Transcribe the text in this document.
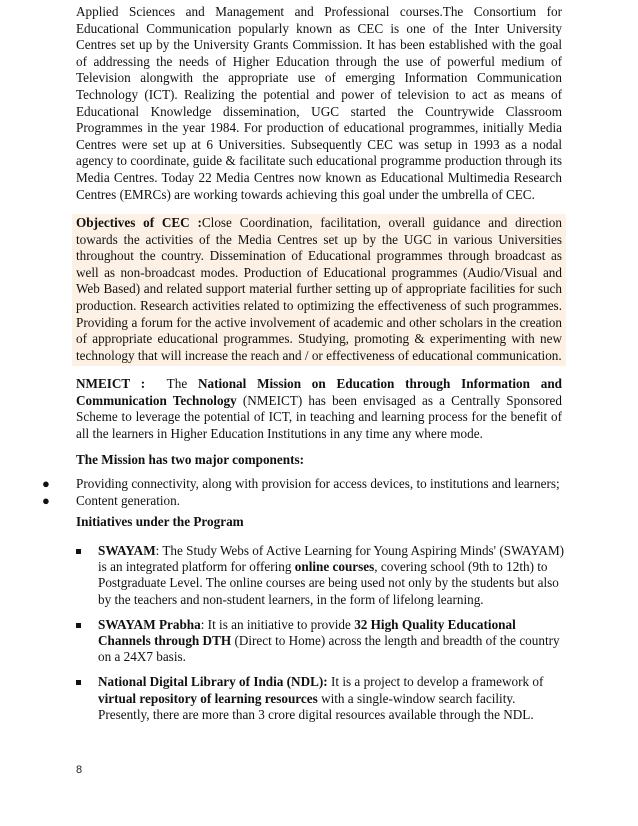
Applied Sciences and Management and Professional courses.The Consortium for Educational Communication popularly known as CEC is one of the Inter University Centres set up by the University Grants Commission. It has been established with the goal of addressing the needs of Higher Education through the use of powerful medium of Television alongwith the appropriate use of emerging Information Communication Technology (ICT). Realizing the potential and power of television to act as means of Educational Knowledge dissemination, UGC started the Countrywide Classroom Programmes in the year 1984. For production of educational programmes, initially Media Centres were set up at 6 Universities. Subsequently CEC was setup in 1993 as a nodal agency to coordinate, guide & facilitate such educational programme production through its Media Centres. Today 22 Media Centres now known as Educational Multimedia Research Centres (EMRCs) are working towards achieving this goal under the umbrella of CEC.

Objectives of CEC :Close Coordination, facilitation, overall guidance and direction towards the activities of the Media Centres set up by the UGC in various Universities throughout the country. Dissemination of Educational programmes through broadcast as well as non-broadcast modes. Production of Educational programmes (Audio/Visual and Web Based) and related support material further setting up of appropriate facilities for such production. Research activities related to optimizing the effectiveness of such programmes. Providing a forum for the active involvement of academic and other scholars in the creation of appropriate educational programmes. Studying, promoting & experimenting with new technology that will increase the reach and / or effectiveness of educational communication.

NMEICT : The National Mission on Education through Information and Communication Technology (NMEICT) has been envisaged as a Centrally Sponsored Scheme to leverage the potential of ICT, in teaching and learning process for the benefit of all the learners in Higher Education Institutions in any time any where mode.

The Mission has two major components:
● Providing connectivity, along with provision for access devices, to institutions and learners;
● Content generation.
Initiatives under the Program
SWAYAM: The Study Webs of Active Learning for Young Aspiring Minds' (SWAYAM) is an integrated platform for offering online courses, covering school (9th to 12th) to Postgraduate Level. The online courses are being used not only by the students but also by the teachers and non-student learners, in the form of lifelong learning.
SWAYAM Prabha: It is an initiative to provide 32 High Quality Educational Channels through DTH (Direct to Home) across the length and breadth of the country on a 24X7 basis.
National Digital Library of India (NDL): It is a project to develop a framework of virtual repository of learning resources with a single-window search facility. Presently, there are more than 3 crore digital resources available through the NDL.
8
